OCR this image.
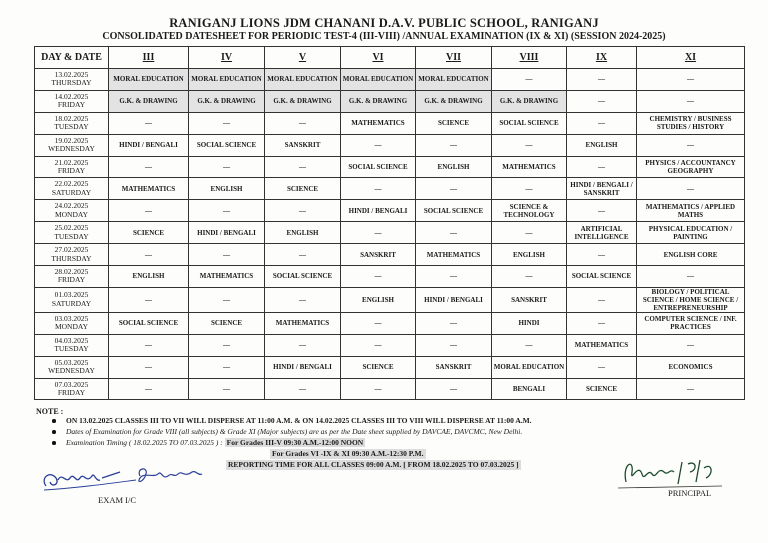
RANIGANJ LIONS JDM CHANANI D.A.V. PUBLIC SCHOOL, RANIGANJ
CONSOLIDATED DATESHEET FOR PERIODIC TEST-4 (III-VIII) /ANNUAL EXAMINATION (IX & XI) (SESSION 2024-2025)
DAY & DATE	III	IV	V	VI	VII	VIII	IX	XI

13.02.2025
THURSDAY	MORAL EDUCATION	MORAL EDUCATION	MORAL EDUCATION	MORAL EDUCATION	MORAL EDUCATION	—	—	—

14.02.2025
FRIDAY	G.K. & DRAWING	G.K. & DRAWING	G.K. & DRAWING	G.K. & DRAWING	G.K. & DRAWING	G.K. & DRAWING	—	—

18.02.2025
TUESDAY	—	—	—	MATHEMATICS	SCIENCE	SOCIAL SCIENCE	—	CHEMISTRY / BUSINESS STUDIES / HISTORY

19.02.2025
WEDNESDAY	HINDI / BENGALI	SOCIAL SCIENCE	SANSKRIT	—	—	—	ENGLISH	—

21.02.2025
FRIDAY	—	—	—	SOCIAL SCIENCE	ENGLISH	MATHEMATICS	—	PHYSICS / ACCOUNTANCY GEOGRAPHY

22.02.2025
SATURDAY	MATHEMATICS	ENGLISH	SCIENCE	—	—	—	HINDI / BENGALI / SANSKRIT	—

24.02.2025
MONDAY	—	—	—	HINDI / BENGALI	SOCIAL SCIENCE	SCIENCE & TECHNOLOGY	—	MATHEMATICS / APPLIED MATHS

25.02.2025
TUESDAY	SCIENCE	HINDI / BENGALI	ENGLISH	—	—	—	ARTIFICIAL INTELLIGENCE	PHYSICAL EDUCATION / PAINTING

27.02.2025
THURSDAY	—	—	—	SANSKRIT	MATHEMATICS	ENGLISH	—	ENGLISH CORE

28.02.2025
FRIDAY	ENGLISH	MATHEMATICS	SOCIAL SCIENCE	—	—	—	SOCIAL SCIENCE	—

01.03.2025
SATURDAY	—	—	—	ENGLISH	HINDI / BENGALI	SANSKRIT	—	BIOLOGY / POLITICAL SCIENCE / HOME SCIENCE / ENTREPRENEURSHIP

03.03.2025
MONDAY	SOCIAL SCIENCE	SCIENCE	MATHEMATICS	—	—	HINDI	—	COMPUTER SCIENCE / INF. PRACTICES

04.03.2025
TUESDAY	—	—	—	—	—	—	MATHEMATICS	—

05.03.2025
WEDNESDAY	—	—	HINDI / BENGALI	SCIENCE	SANSKRIT	MORAL EDUCATION	—	ECONOMICS

07.03.2025
FRIDAY	—	—	—	—	—	BENGALI	SCIENCE	—
NOTE :
ON 13.02.2025 CLASSES III TO VII WILL DISPERSE AT 11:00 A.M. & ON 14.02.2025 CLASSES III TO VIII WILL DISPERSE AT 11:00 A.M.
Dates of Examination for Grade VIII (all subjects) & Grade XI (Major subjects) are as per the Date sheet supplied by DAVCAE, DAVCMC, New Delhi.
Examination Timing ( 18.02.2025 TO 07.03.2025 ) : For Grades III-V 09:30 A.M.-12:00 NOON
For Grades VI -IX & XI 09:30 A.M.-12:30 P.M.
REPORTING TIME FOR ALL CLASSES 09:00 A.M. [ FROM 18.02.2025 TO 07.03.2025 ]
EXAM I/C
PRINCIPAL
